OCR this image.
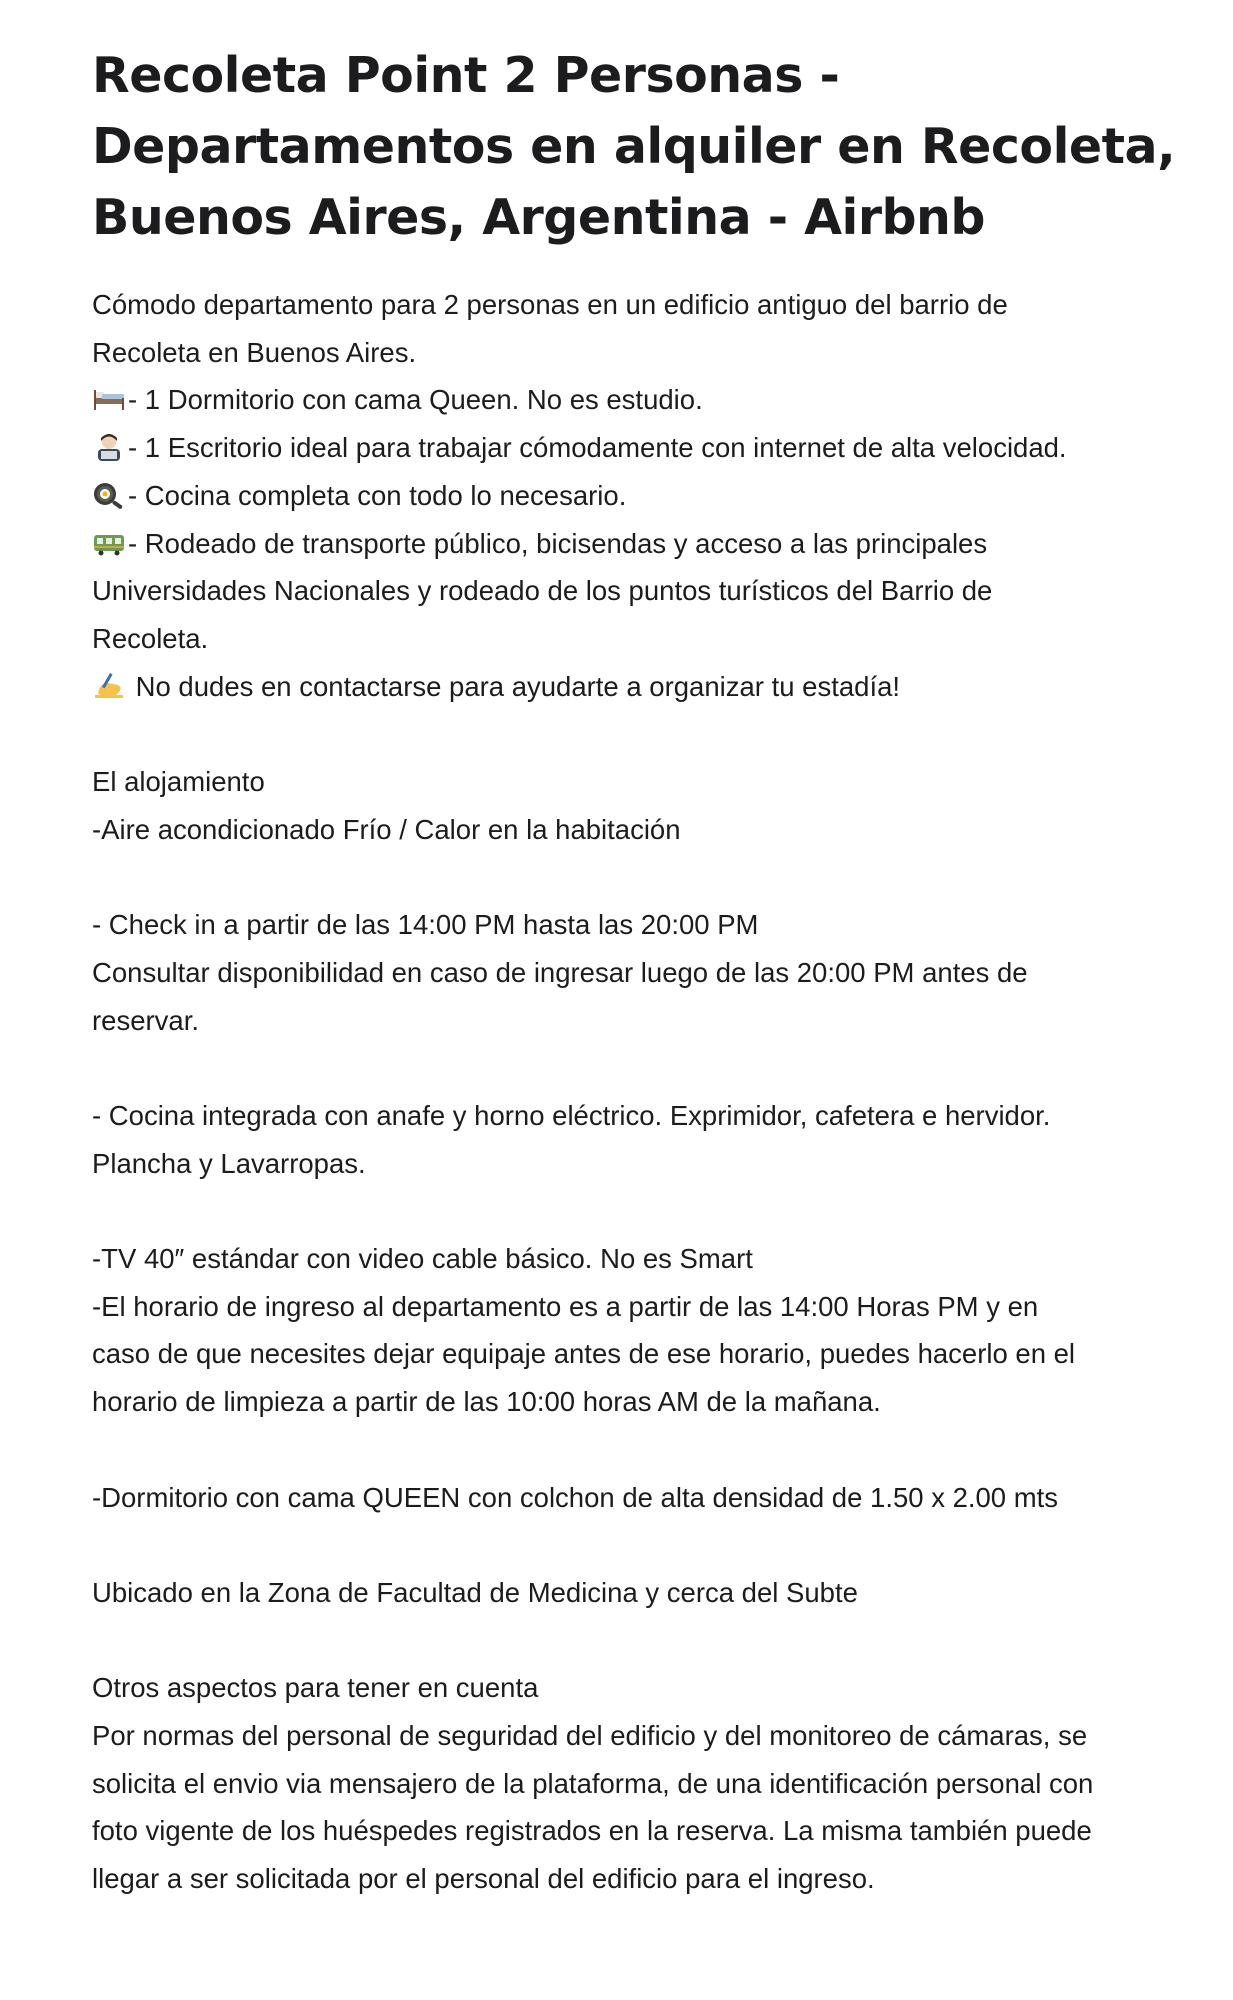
Recoleta Point 2 Personas -
Departamentos en alquiler en Recoleta,
Buenos Aires, Argentina - Airbnb
Cómodo departamento para 2 personas en un edificio antiguo del barrio de
Recoleta en Buenos Aires.
- 1 Dormitorio con cama Queen. No es estudio.
- 1 Escritorio ideal para trabajar cómodamente con internet de alta velocidad.
- Cocina completa con todo lo necesario.
- Rodeado de transporte público, bicisendas y acceso a las principales
Universidades Nacionales y rodeado de los puntos turísticos del Barrio de
Recoleta.
No dudes en contactarse para ayudarte a organizar tu estadía!
El alojamiento
-Aire acondicionado Frío / Calor en la habitación
- Check in a partir de las 14:00 PM hasta las 20:00 PM
Consultar disponibilidad en caso de ingresar luego de las 20:00 PM antes de
reservar.
- Cocina integrada con anafe y horno eléctrico. Exprimidor, cafetera e hervidor.
Plancha y Lavarropas.
-TV 40″ estándar con video cable básico. No es Smart
-El horario de ingreso al departamento es a partir de las 14:00 Horas PM y en
caso de que necesites dejar equipaje antes de ese horario, puedes hacerlo en el
horario de limpieza a partir de las 10:00 horas AM de la mañana.
-Dormitorio con cama QUEEN con colchon de alta densidad de 1.50 x 2.00 mts
Ubicado en la Zona de Facultad de Medicina y cerca del Subte
Otros aspectos para tener en cuenta
Por normas del personal de seguridad del edificio y del monitoreo de cámaras, se
solicita el envio via mensajero de la plataforma, de una identificación personal con
foto vigente de los huéspedes registrados en la reserva. La misma también puede
llegar a ser solicitada por el personal del edificio para el ingreso.
